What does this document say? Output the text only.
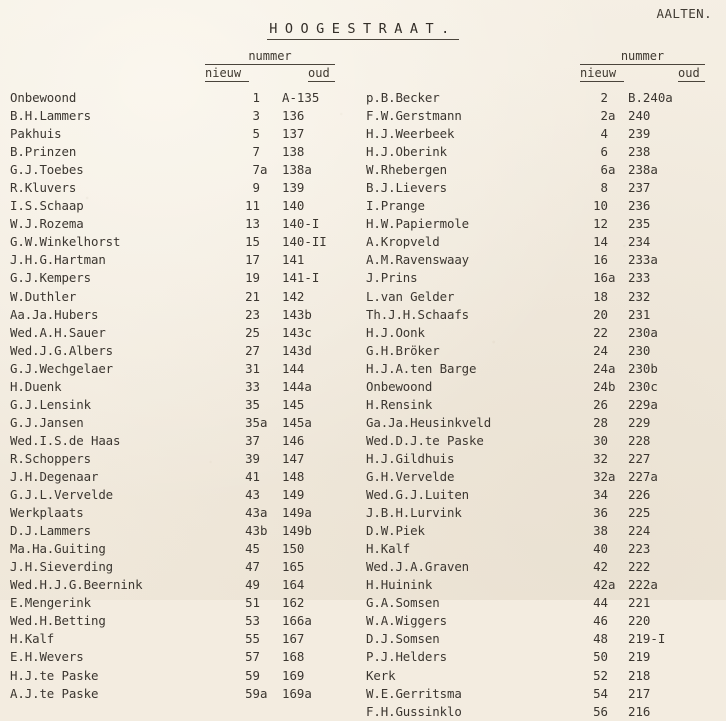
AALTEN.
HOOGESTRAAT.
nummer
nieuw	oud
nummer
nieuw	oud
Onbewoond	1	A-135
B.H.Lammers	3	136
Pakhuis	5	137
B.Prinzen	7	138
G.J.Toebes	7 a	138a
R.Kluvers	9	139
I.S.Schaap	11	140
W.J.Rozema	13	140-I
G.W.Winkelhorst	15	140-II
J.H.G.Hartman	17	141
G.J.Kempers	19	141-I
W.Duthler	21	142
Aa.Ja.Hubers	23	143b
Wed.A.H.Sauer	25	143c
Wed.J.G.Albers	27	143d
G.J.Wechgelaer	31	144
H.Duenk	33	144a
G.J.Lensink	35	145
G.J.Jansen	35 a	145a
Wed.I.S.de Haas	37	146
R.Schoppers	39	147
J.H.Degenaar	41	148
G.J.L.Vervelde	43	149
Werkplaats	43 a	149a
D.J.Lammers	43 b	149b
Ma.Ha.Guiting	45	150
J.H.Sieverding	47	165
Wed.H.J.G.Beernink	49	164
E.Mengerink	51	162
Wed.H.Betting	53	166a
H.Kalf	55	167
E.H.Wevers	57	168
H.J.te Paske	59	169
A.J.te Paske	59 a	169a
p.B.Becker	2	B.240a
F.W.Gerstmann	2 a	240
H.J.Weerbeek	4	239
H.J.Oberink	6	238
W.Rhebergen	6 a	238a
B.J.Lievers	8	237
I.Prange	10	236
H.W.Papiermole	12	235
A.Kropveld	14	234
A.M.Ravenswaay	16	233a
J.Prins	16 a	233
L.van Gelder	18	232
Th.J.H.Schaafs	20	231
H.J.Oonk	22	230a
G.H.Bröker	24	230
H.J.A.ten Barge	24 a	230b
Onbewoond	24 b	230c
H.Rensink	26	229a
Ga.Ja.Heusinkveld	28	229
Wed.D.J.te Paske	30	228
H.J.Gildhuis	32	227
G.H.Vervelde	32 a	227a
Wed.G.J.Luiten	34	226
J.B.H.Lurvink	36	225
D.W.Piek	38	224
H.Kalf	40	223
Wed.J.A.Graven	42	222
H.Huinink	42 a	222a
G.A.Somsen	44	221
W.A.Wiggers	46	220
D.J.Somsen	48	219-I
P.J.Helders	50	219
Kerk	52	218
W.E.Gerritsma	54	217
F.H.Gussinklo	56	216
